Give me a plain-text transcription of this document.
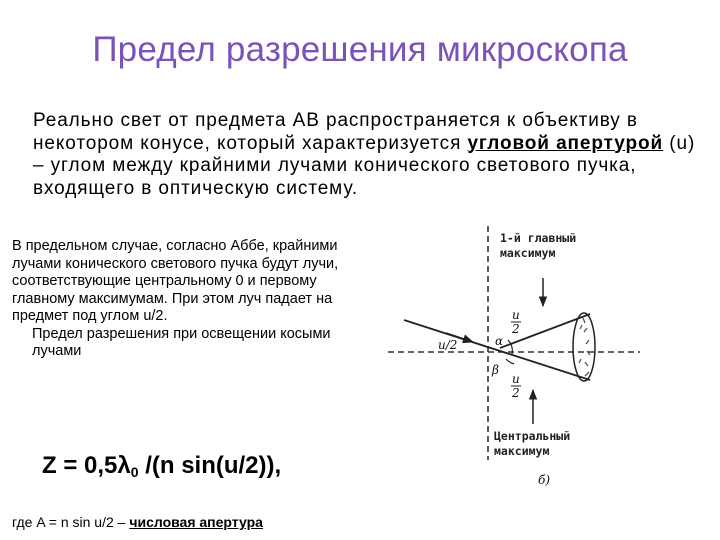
Предел разрешения микроскопа
Реально свет от предмета АВ распространяется к объективу в некотором конусе, который характеризуется угловой апертурой (u) – углом между крайними лучами конического светового пучка, входящего в оптическую систему.

В предельном случае, согласно Аббе, крайними лучами конического светового пучка будут лучи, соответствующие центральному 0 и первому главному максимумам. При этом луч падает на предмет под углом u/2.

Предел разрешения при освещении косыми лучами

$Z = 0,5\lambda_0$ /(n sin(u/2)),
где A = n sin u/2 – числовая апертура
1-й главный
максимум
Центральный
максимум
u/2	α
β
u
2
u
2
б)
